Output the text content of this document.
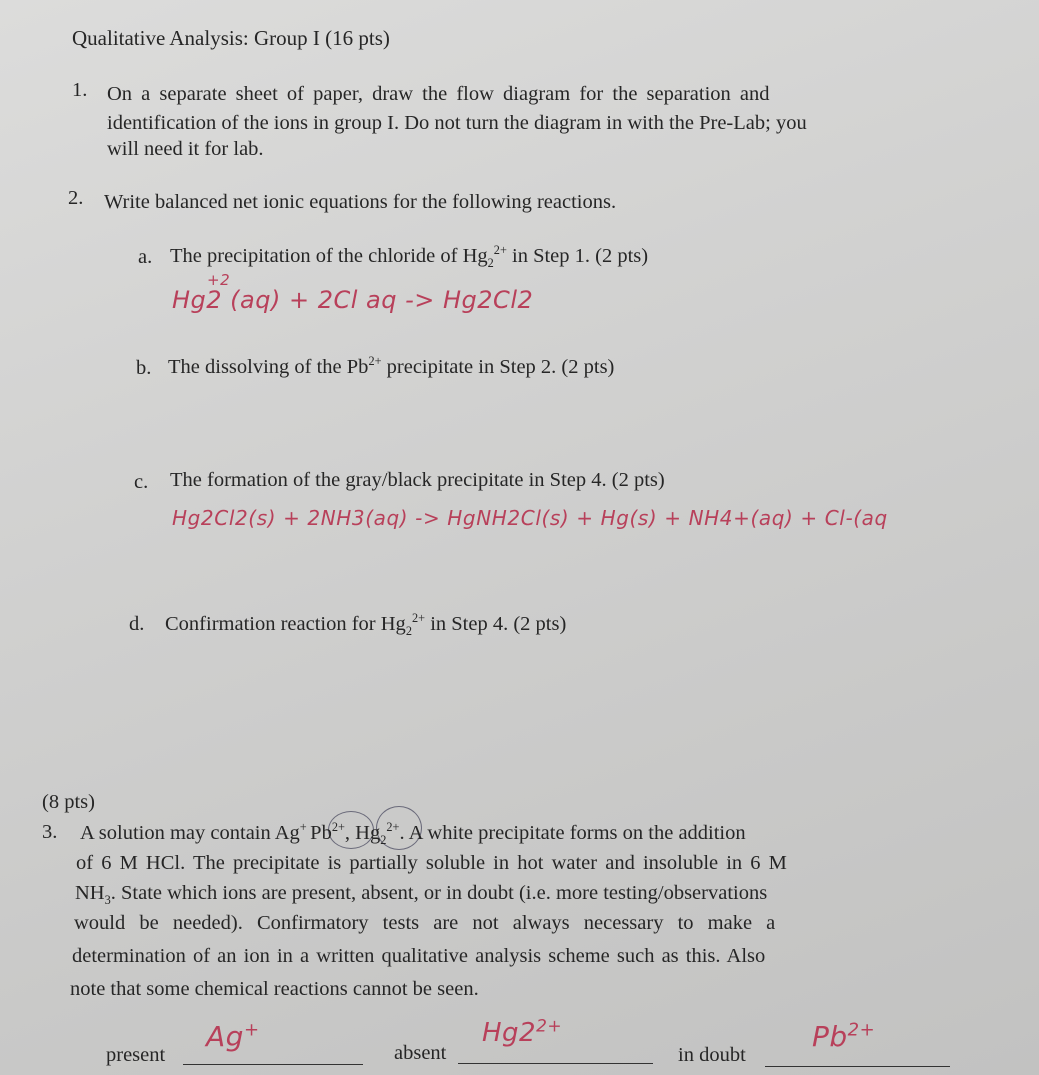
Qualitative Analysis: Group I (16 pts)
1. On a separate sheet of paper, draw the flow diagram for the separation and
identification of the ions in group I. Do not turn the diagram in with the Pre-Lab; you
will need it for lab.
2. Write balanced net ionic equations for the following reactions.
a. The precipitation of the chloride of $Hg_2^{2+}$ in Step 1. (2 pts)
+2
Hg2 (aq) + 2Cl aq -> Hg2Cl2
b. The dissolving of the $Pb^{2+}$ precipitate in Step 2. (2 pts)
c. The formation of the gray/black precipitate in Step 4. (2 pts)
Hg2Cl2(s) + 2NH3(aq) -> HgNH2Cl(s) + Hg(s) + NH4+(aq) + Cl-(aq
d. Confirmation reaction for $Hg_2^{2+}$ in Step 4. (2 pts)
(8 pts)
3. A solution may contain Ag+   $Pb^{2+}$, $Hg_2^{2+}$. A white precipitate forms on the addition
of 6 M HCl. The precipitate is partially soluble in hot water and insoluble in 6 M
$NH_3$. State which ions are present, absent, or in doubt (i.e. more testing/observations
would be needed). Confirmatory tests are not always necessary to make a
determination of an ion in a written qualitative analysis scheme such as this. Also
note that some chemical reactions cannot be seen.
present
Ag+
absent
$Hg2^{2+}$
in doubt
$Pb^{2+}$
